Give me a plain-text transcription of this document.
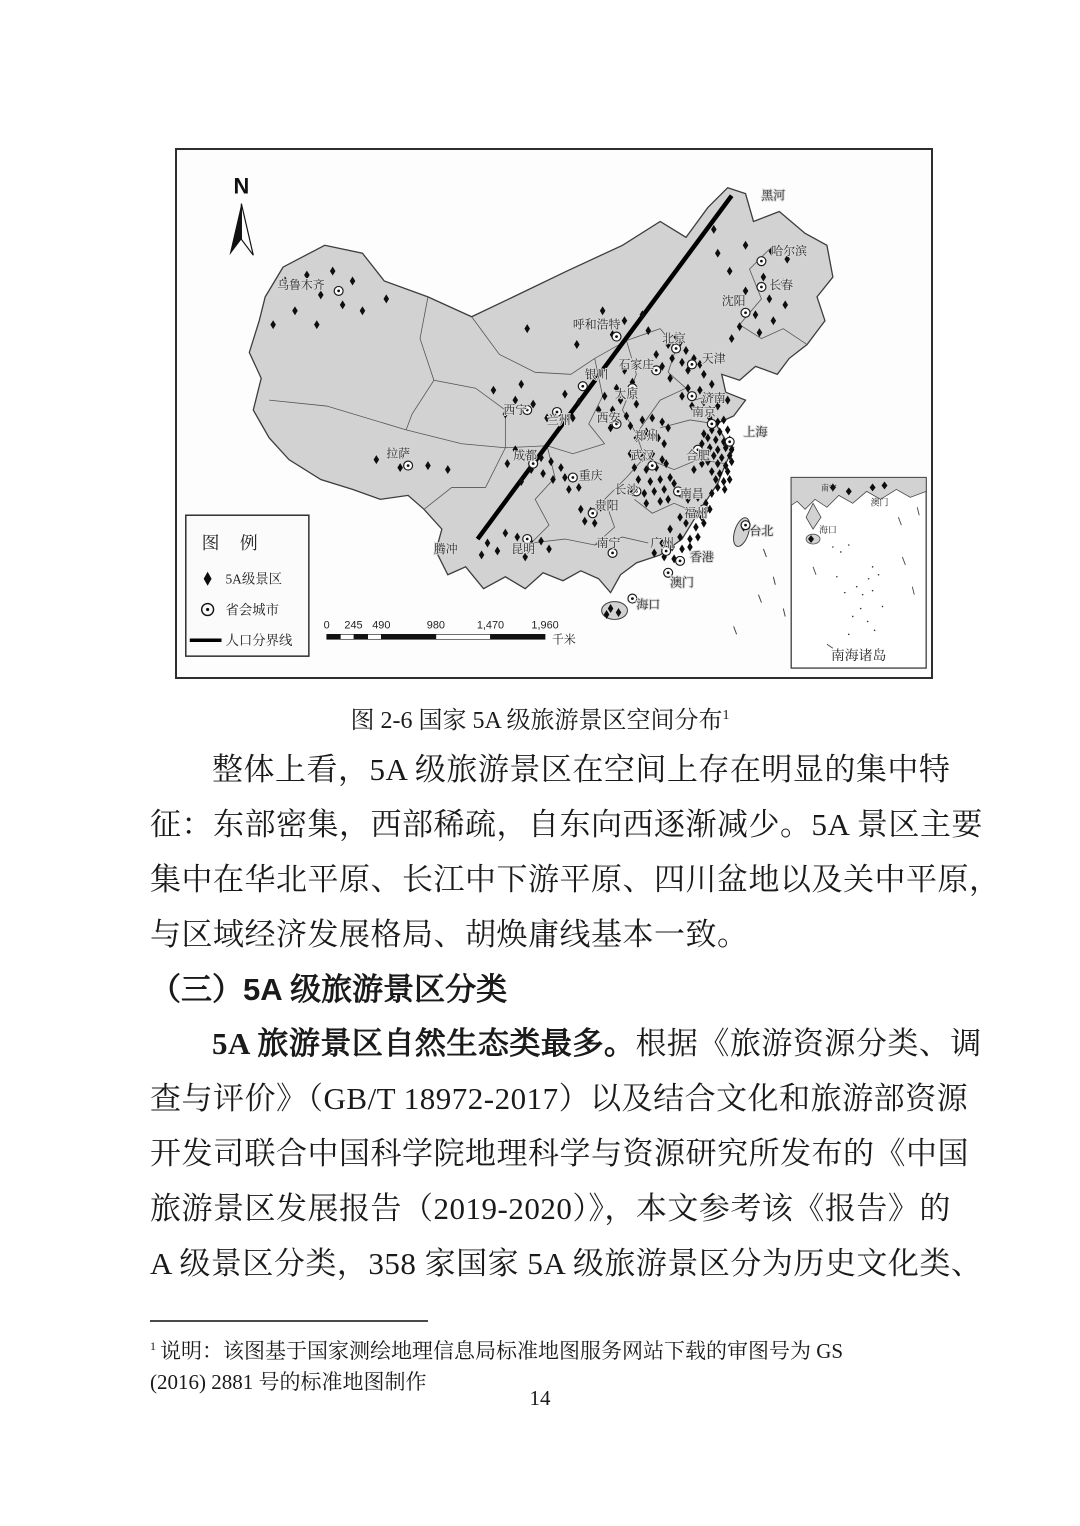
黑河
哈尔滨
长春
沈阳
乌鲁木齐
呼和浩特
北京
天津
石家庄
太原	济南
银川
西宁
兰州 西安
郑州
南京
上海
合肥
拉萨	成都
重庆
武汉
长沙	南昌
贵阳
福州
台北
昆明	南宁 广州
香港
澳门
海口
腾冲
N
图 例
5A级景区
省会城市
人口分界线
0 245 490	980	1,470 1,960
千米
南宁
澳门
海口
南海诸岛
图 2-6 国家 5A 级旅游景区空间分布$^1$
整体上看，5A 级旅游景区在空间上存在明显的集中特
征：东部密集，西部稀疏，自东向西逐渐减少。5A 景区主要
集中在华北平原、长江中下游平原、四川盆地以及关中平原，
与区域经济发展格局、胡焕庸线基本一致。
（三）5A 级旅游景区分类
5A 旅游景区自然生态类最多。根据《旅游资源分类、调
查与评价》（GB/T 18972-2017）以及结合文化和旅游部资源
开发司联合中国科学院地理科学与资源研究所发布的《中国
旅游景区发展报告（2019-2020）》，本文参考该《报告》的
A 级景区分类，358 家国家 5A 级旅游景区分为历史文化类、
$^1$ 说明：该图基于国家测绘地理信息局标准地图服务网站下载的审图号为 GS
(2016) 2881 号的标准地图制作
14
